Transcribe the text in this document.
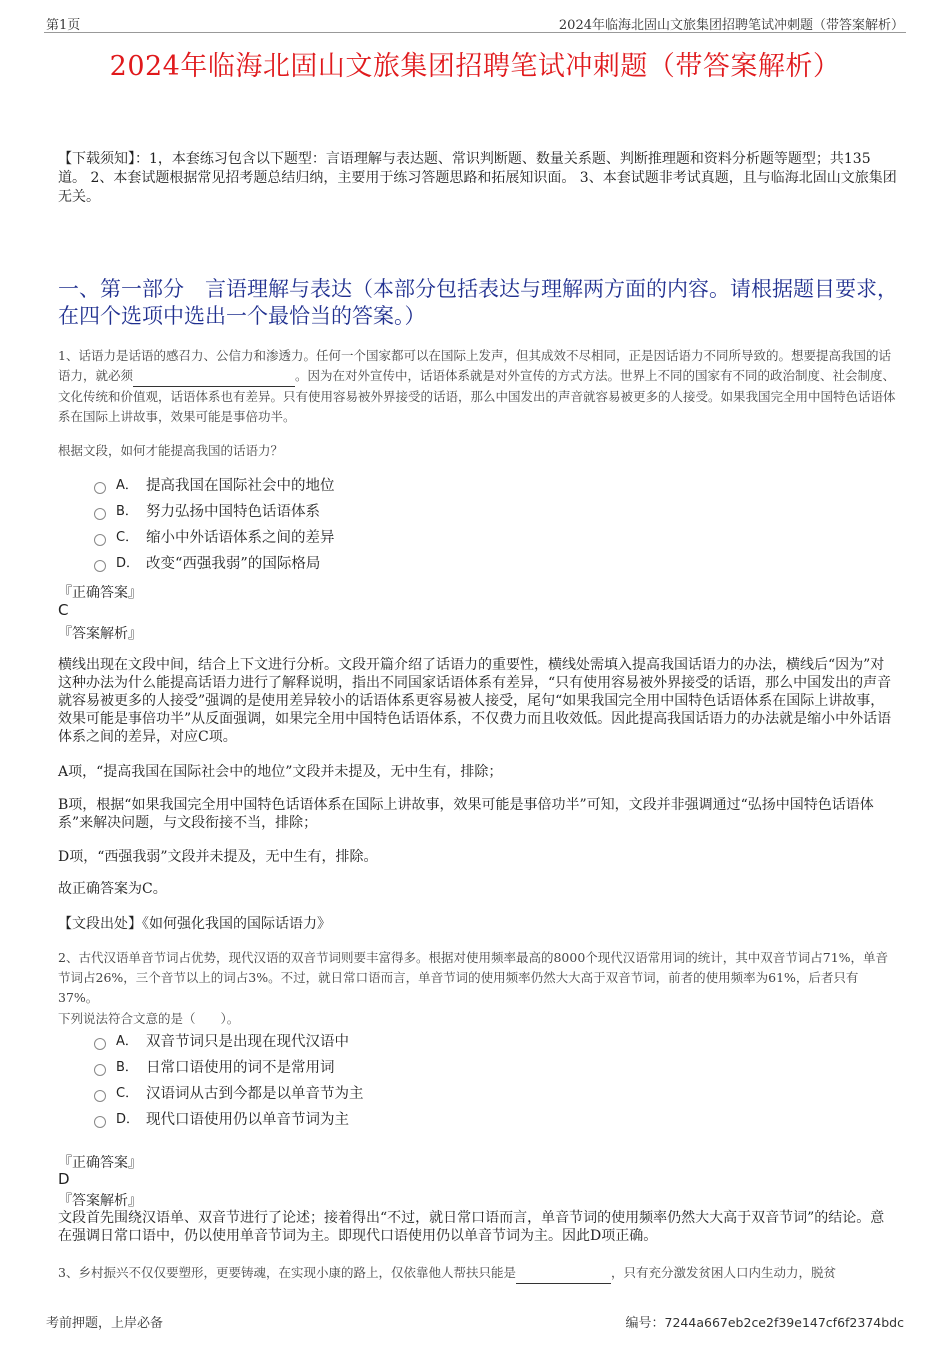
第1页	2024年临海北固山文旅集团招聘笔试冲刺题（带答案解析）
2024年临海北固山文旅集团招聘笔试冲刺题（带答案解析）
【下载须知】：1，本套练习包含以下题型：言语理解与表达题、常识判断题、数量关系题、判断推理题和资料分析题等题型；共135道。 2、本套试题根据常见招考题总结归纳，主要用于练习答题思路和拓展知识面。 3、本套试题非考试真题，且与临海北固山文旅集团无关。
一、第一部分　言语理解与表达（本部分包括表达与理解两方面的内容。请根据题目要求，在四个选项中选出一个最恰当的答案。）
1、话语力是话语的感召力、公信力和渗透力。任何一个国家都可以在国际上发声，但其成效不尽相同，正是因话语力不同所导致的。想要提高我国的话语力，就必须	。因为在对外宣传中，话语体系就是对外宣传的方式方法。世界上不同的国家有不同的政治制度、社会制度、文化传统和价值观，话语体系也有差异。只有使用容易被外界接受的话语，那么中国发出的声音就容易被更多的人接受。如果我国完全用中国特色话语体系在国际上讲故事，效果可能是事倍功半。
根据文段，如何才能提高我国的话语力？
A． 提高我国在国际社会中的地位
B． 努力弘扬中国特色话语体系
C． 缩小中外话语体系之间的差异
D． 改变“西强我弱”的国际格局
『正确答案』
C
『答案解析』
横线出现在文段中间，结合上下文进行分析。文段开篇介绍了话语力的重要性，横线处需填入提高我国话语力的办法，横线后“因为”对这种办法为什么能提高话语力进行了解释说明，指出不同国家话语体系有差异，“只有使用容易被外界接受的话语，那么中国发出的声音就容易被更多的人接受”强调的是使用差异较小的话语体系更容易被人接受，尾句“如果我国完全用中国特色话语体系在国际上讲故事，效果可能是事倍功半”从反面强调，如果完全用中国特色话语体系，不仅费力而且收效低。因此提高我国话语力的办法就是缩小中外话语体系之间的差异，对应C项。
A项，“提高我国在国际社会中的地位”文段并未提及，无中生有，排除；
B项，根据“如果我国完全用中国特色话语体系在国际上讲故事，效果可能是事倍功半”可知，文段并非强调通过“弘扬中国特色话语体系”来解决问题，与文段衔接不当，排除；
D项，“西强我弱”文段并未提及，无中生有，排除。
故正确答案为C。
【文段出处】《如何强化我国的国际话语力》
2、古代汉语单音节词占优势，现代汉语的双音节词则要丰富得多。根据对使用频率最高的8000个现代汉语常用词的统计，其中双音节词占71%，单音节词占26%，三个音节以上的词占3%。不过，就日常口语而言，单音节词的使用频率仍然大大高于双音节词，前者的使用频率为61%，后者只有37%。
下列说法符合文意的是（　　）。
A． 双音节词只是出现在现代汉语中
B． 日常口语使用的词不是常用词
C． 汉语词从古到今都是以单音节为主
D． 现代口语使用仍以单音节词为主
『正确答案』
D
『答案解析』
文段首先围绕汉语单、双音节进行了论述；接着得出“不过，就日常口语而言，单音节词的使用频率仍然大大高于双音节词”的结论。意在强调日常口语中，仍以使用单音节词为主。即现代口语使用仍以单音节词为主。因此D项正确。
3、乡村振兴不仅仅要塑形，更要铸魂，在实现小康的路上，仅依靠他人帮扶只能是	，只有充分激发贫困人口内生动力，脱贫
考前押题，上岸必备	编号：7244a667eb2ce2f39e147cf6f2374bdc
